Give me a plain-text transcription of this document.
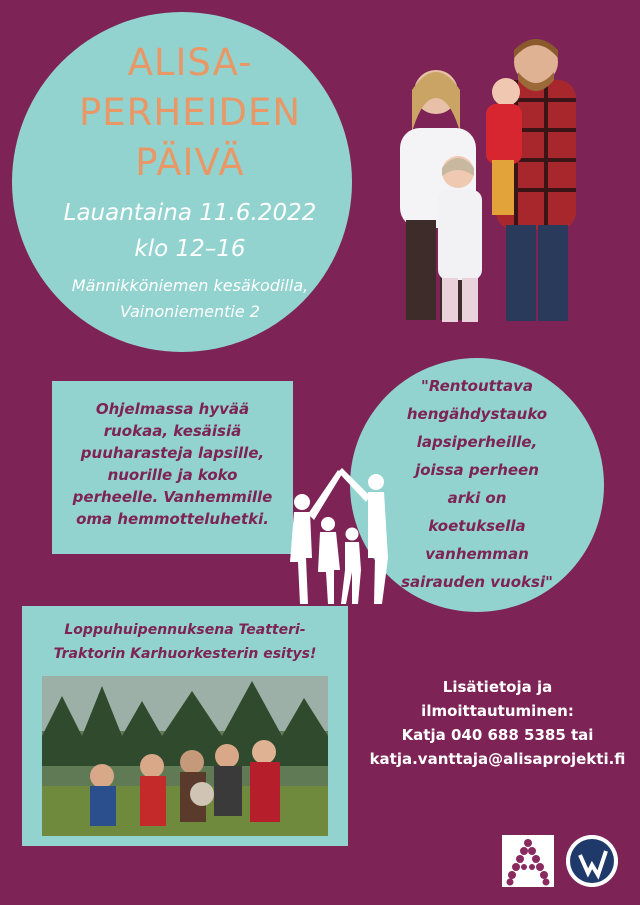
ALISA-
PERHEIDEN
PÄIVÄ
Lauantaina 11.6.2022
klo 12–16
Männikköniemen kesäkodilla,
Vainoniementie 2
Ohjelmassa hyvää
ruokaa, kesäisiä
puuharasteja lapsille,
nuorille ja koko
perheelle. Vanhemmille
oma hemmotteluhetki.
"Rentouttava
hengähdystauko
lapsiperheille,
joissa perheen
arki on
koetuksella
vanhemman
sairauden vuoksi"
Loppuhuipennuksena Teatteri-
Traktorin Karhuorkesterin esitys!
Lisätietoja ja
ilmoittautuminen:
Katja 040 688 5385 tai
katja.vanttaja@alisaprojekti.fi
